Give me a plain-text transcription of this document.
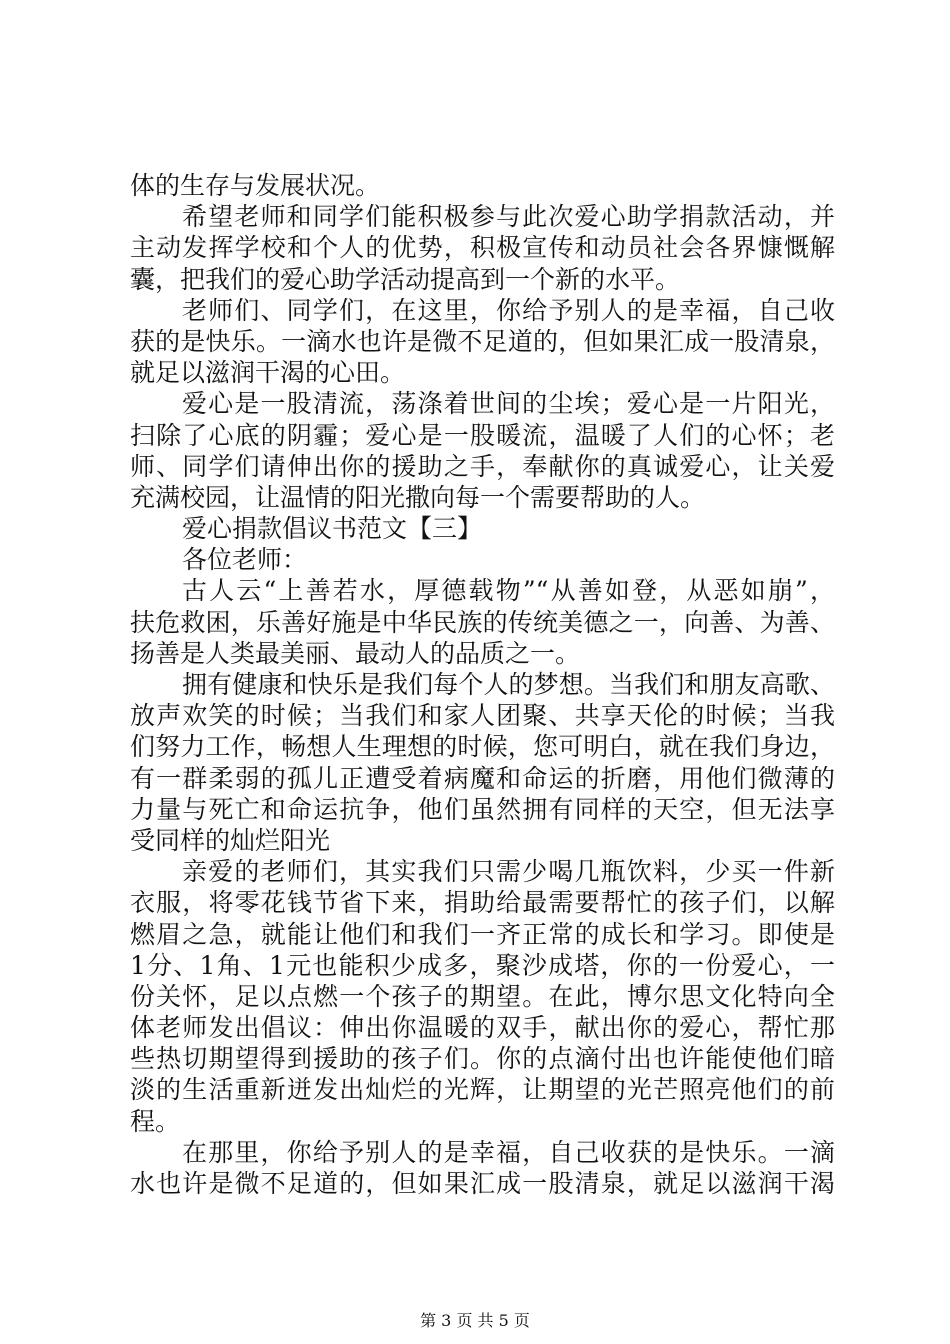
体的生存与发展状况。
希望老师和同学们能积极参与此次爱心助学捐款活动，并
主动发挥学校和个人的优势，积极宣传和动员社会各界慷慨解
囊，把我们的爱心助学活动提高到一个新的水平。
老师们、同学们，在这里，你给予别人的是幸福，自己收
获的是快乐。一滴水也许是微不足道的，但如果汇成一股清泉，
就足以滋润干渴的心田。
爱心是一股清流，荡涤着世间的尘埃；爱心是一片阳光，
扫除了心底的阴霾；爱心是一股暖流，温暖了人们的心怀；老
师、同学们请伸出你的援助之手，奉献你的真诚爱心，让关爱
充满校园，让温情的阳光撒向每一个需要帮助的人。
爱心捐款倡议书范文【三】
各位老师：
古人云“上善若水，厚德载物”“从善如登，从恶如崩”，
扶危救困，乐善好施是中华民族的传统美德之一，向善、为善、
扬善是人类最美丽、最动人的品质之一。
拥有健康和快乐是我们每个人的梦想。当我们和朋友高歌、
放声欢笑的时候；当我们和家人团聚、共享天伦的时候；当我
们努力工作，畅想人生理想的时候，您可明白，就在我们身边，
有一群柔弱的孤儿正遭受着病魔和命运的折磨，用他们微薄的
力量与死亡和命运抗争，他们虽然拥有同样的天空，但无法享
受同样的灿烂阳光
亲爱的老师们，其实我们只需少喝几瓶饮料，少买一件新
衣服，将零花钱节省下来，捐助给最需要帮忙的孩子们，以解
燃眉之急，就能让他们和我们一齐正常的成长和学习。即使是
1分、1角、1元也能积少成多，聚沙成塔，你的一份爱心，一
份关怀，足以点燃一个孩子的期望。在此，博尔思文化特向全
体老师发出倡议：伸出你温暖的双手，献出你的爱心，帮忙那
些热切期望得到援助的孩子们。你的点滴付出也许能使他们暗
淡的生活重新迸发出灿烂的光辉，让期望的光芒照亮他们的前
程。
在那里，你给予别人的是幸福，自己收获的是快乐。一滴
水也许是微不足道的，但如果汇成一股清泉，就足以滋润干渴
第 3 页 共 5 页
